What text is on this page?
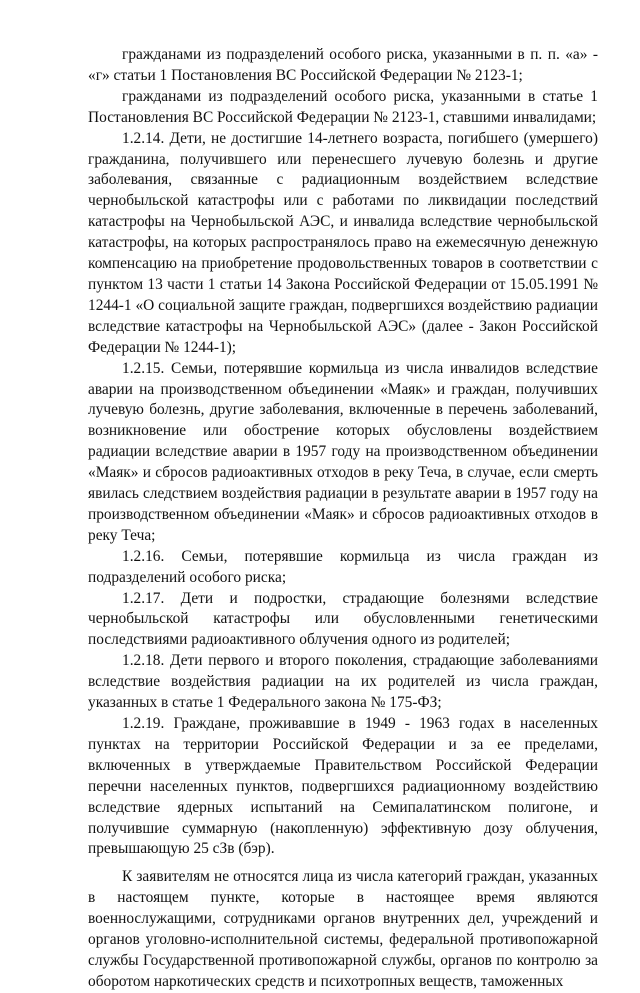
гражданами из подразделений особого риска, указанными в п. п. «а» - «г» статьи 1 Постановления ВС Российской Федерации № 2123-1;

гражданами из подразделений особого риска, указанными в статье 1 Постановления ВС Российской Федерации № 2123-1, ставшими инвалидами;

1.2.14. Дети, не достигшие 14-летнего возраста, погибшего (умершего) гражданина, получившего или перенесшего лучевую болезнь и другие заболевания, связанные с радиационным воздействием вследствие чернобыльской катастрофы или с работами по ликвидации последствий катастрофы на Чернобыльской АЭС, и инвалида вследствие чернобыльской катастрофы, на которых распространялось право на ежемесячную денежную компенсацию на приобретение продовольственных товаров в соответствии с пунктом 13 части 1 статьи 14 Закона Российской Федерации от 15.05.1991 № 1244-1 «О социальной защите граждан, подвергшихся воздействию радиации вследствие катастрофы на Чернобыльской АЭС» (далее - Закон Российской Федерации № 1244-1);

1.2.15. Семьи, потерявшие кормильца из числа инвалидов вследствие аварии на производственном объединении «Маяк» и граждан, получивших лучевую болезнь, другие заболевания, включенные в перечень заболеваний, возникновение или обострение которых обусловлены воздействием радиации вследствие аварии в 1957 году на производственном объединении «Маяк» и сбросов радиоактивных отходов в реку Теча, в случае, если смерть явилась следствием воздействия радиации в результате аварии в 1957 году на производственном объединении «Маяк» и сбросов радиоактивных отходов в реку Теча;

1.2.16. Семьи, потерявшие кормильца из числа граждан из подразделений особого риска;

1.2.17. Дети и подростки, страдающие болезнями вследствие чернобыльской катастрофы или обусловленными генетическими последствиями радиоактивного облучения одного из родителей;

1.2.18. Дети первого и второго поколения, страдающие заболеваниями вследствие воздействия радиации на их родителей из числа граждан, указанных в статье 1 Федерального закона № 175-ФЗ;

1.2.19. Граждане, проживавшие в 1949 - 1963 годах в населенных пунктах на территории Российской Федерации и за ее пределами, включенных в утверждаемые Правительством Российской Федерации перечни населенных пунктов, подвергшихся радиационному воздействию вследствие ядерных испытаний на Семипалатинском полигоне, и получившие суммарную (накопленную) эффективную дозу облучения, превышающую 25 сЗв (бэр).

К заявителям не относятся лица из числа категорий граждан, указанных в настоящем пункте, которые в настоящее время являются военнослужащими, сотрудниками органов внутренних дел, учреждений и органов уголовно-исполнительной системы, федеральной противопожарной службы Государственной противопожарной службы, органов по контролю за оборотом наркотических средств и психотропных веществ, таможенных
